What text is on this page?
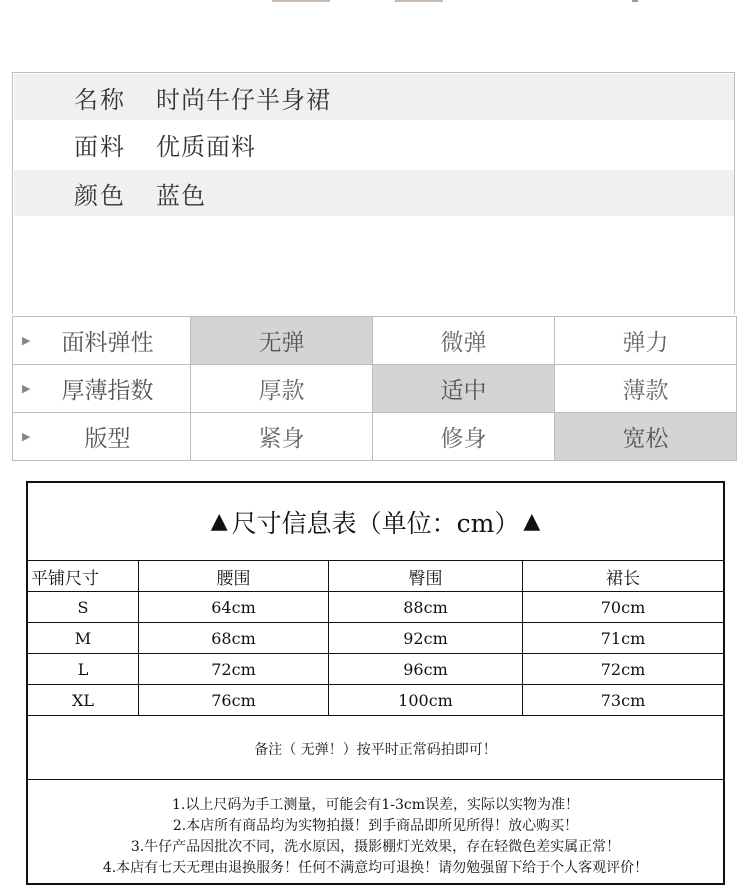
名称 时尚牛仔半身裙
面料 优质面料
颜色 蓝色
▶ 面料弹性	无弹	微弹	弹力
▶ 厚薄指数	厚款	适中	薄款
▶ 版型	紧身	修身	宽松
▲ 尺寸信息表（单位：cm） ▲
平铺尺寸	腰围	臀围	裙长
S	64cm	88cm	70cm
M	68cm	92cm	71cm
L	72cm	96cm	72cm
XL	76cm	100cm	73cm
备注（ 无弹！）按平时正常码拍即可！
1.以上尺码为手工测量，可能会有1-3cm误差，实际以实物为准！
2.本店所有商品均为实物拍摄！到手商品即所见所得！放心购买！
3.牛仔产品因批次不同，洗水原因，摄影棚灯光效果，存在轻微色差实属正常！
4.本店有七天无理由退换服务！任何不满意均可退换！请勿勉强留下给于个人客观评价！
